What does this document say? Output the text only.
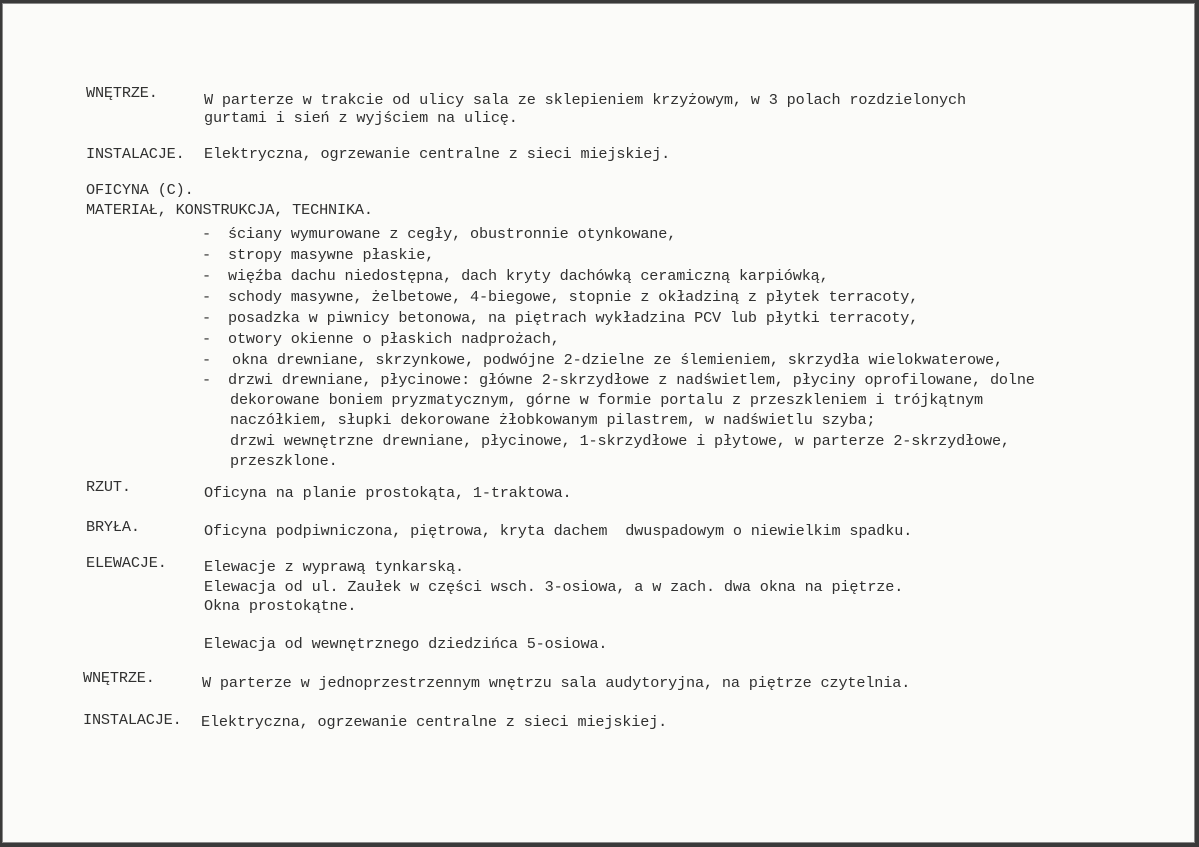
WNĘTRZE.	W parterze w trakcie od ulicy sala ze sklepieniem krzyżowym, w 3 polach rozdzielonych
gurtami i sień z wyjściem na ulicę.
INSTALACJE. Elektryczna, ogrzewanie centralne z sieci miejskiej.
OFICYNA (C).
MATERIAŁ, KONSTRUKCJA, TECHNIKA.
- ściany wymurowane z cegły, obustronnie otynkowane,
- stropy masywne płaskie,
- więźba dachu niedostępna, dach kryty dachówką ceramiczną karpiówką,
- schody masywne, żelbetowe, 4-biegowe, stopnie z okładziną z płytek terracoty,
- posadzka w piwnicy betonowa, na piętrach wykładzina PCV lub płytki terracoty,
- otwory okienne o płaskich nadprożach,
- okna drewniane, skrzynkowe, podwójne 2-dzielne ze ślemieniem, skrzydła wielokwaterowe,
- drzwi drewniane, płycinowe: główne 2-skrzydłowe z nadświetlem, płyciny oprofilowane, dolne
dekorowane boniem pryzmatycznym, górne w formie portalu z przeszkleniem i trójkątnym
naczółkiem, słupki dekorowane żłobkowanym pilastrem, w nadświetlu szyba;
drzwi wewnętrzne drewniane, płycinowe, 1-skrzydłowe i płytowe, w parterze 2-skrzydłowe,
przeszklone.
RZUT.	Oficyna na planie prostokąta, 1-traktowa.
BRYŁA.	Oficyna podpiwniczona, piętrowa, kryta dachem  dwuspadowym o niewielkim spadku.
ELEWACJE. Elewacje z wyprawą tynkarską.
Elewacja od ul. Zaułek w części wsch. 3-osiowa, a w zach. dwa okna na piętrze.
Okna prostokątne.
Elewacja od wewnętrznego dziedzińca 5-osiowa.
WNĘTRZE.	W parterze w jednoprzestrzennym wnętrzu sala audytoryjna, na piętrze czytelnia.
INSTALACJE. Elektryczna, ogrzewanie centralne z sieci miejskiej.
